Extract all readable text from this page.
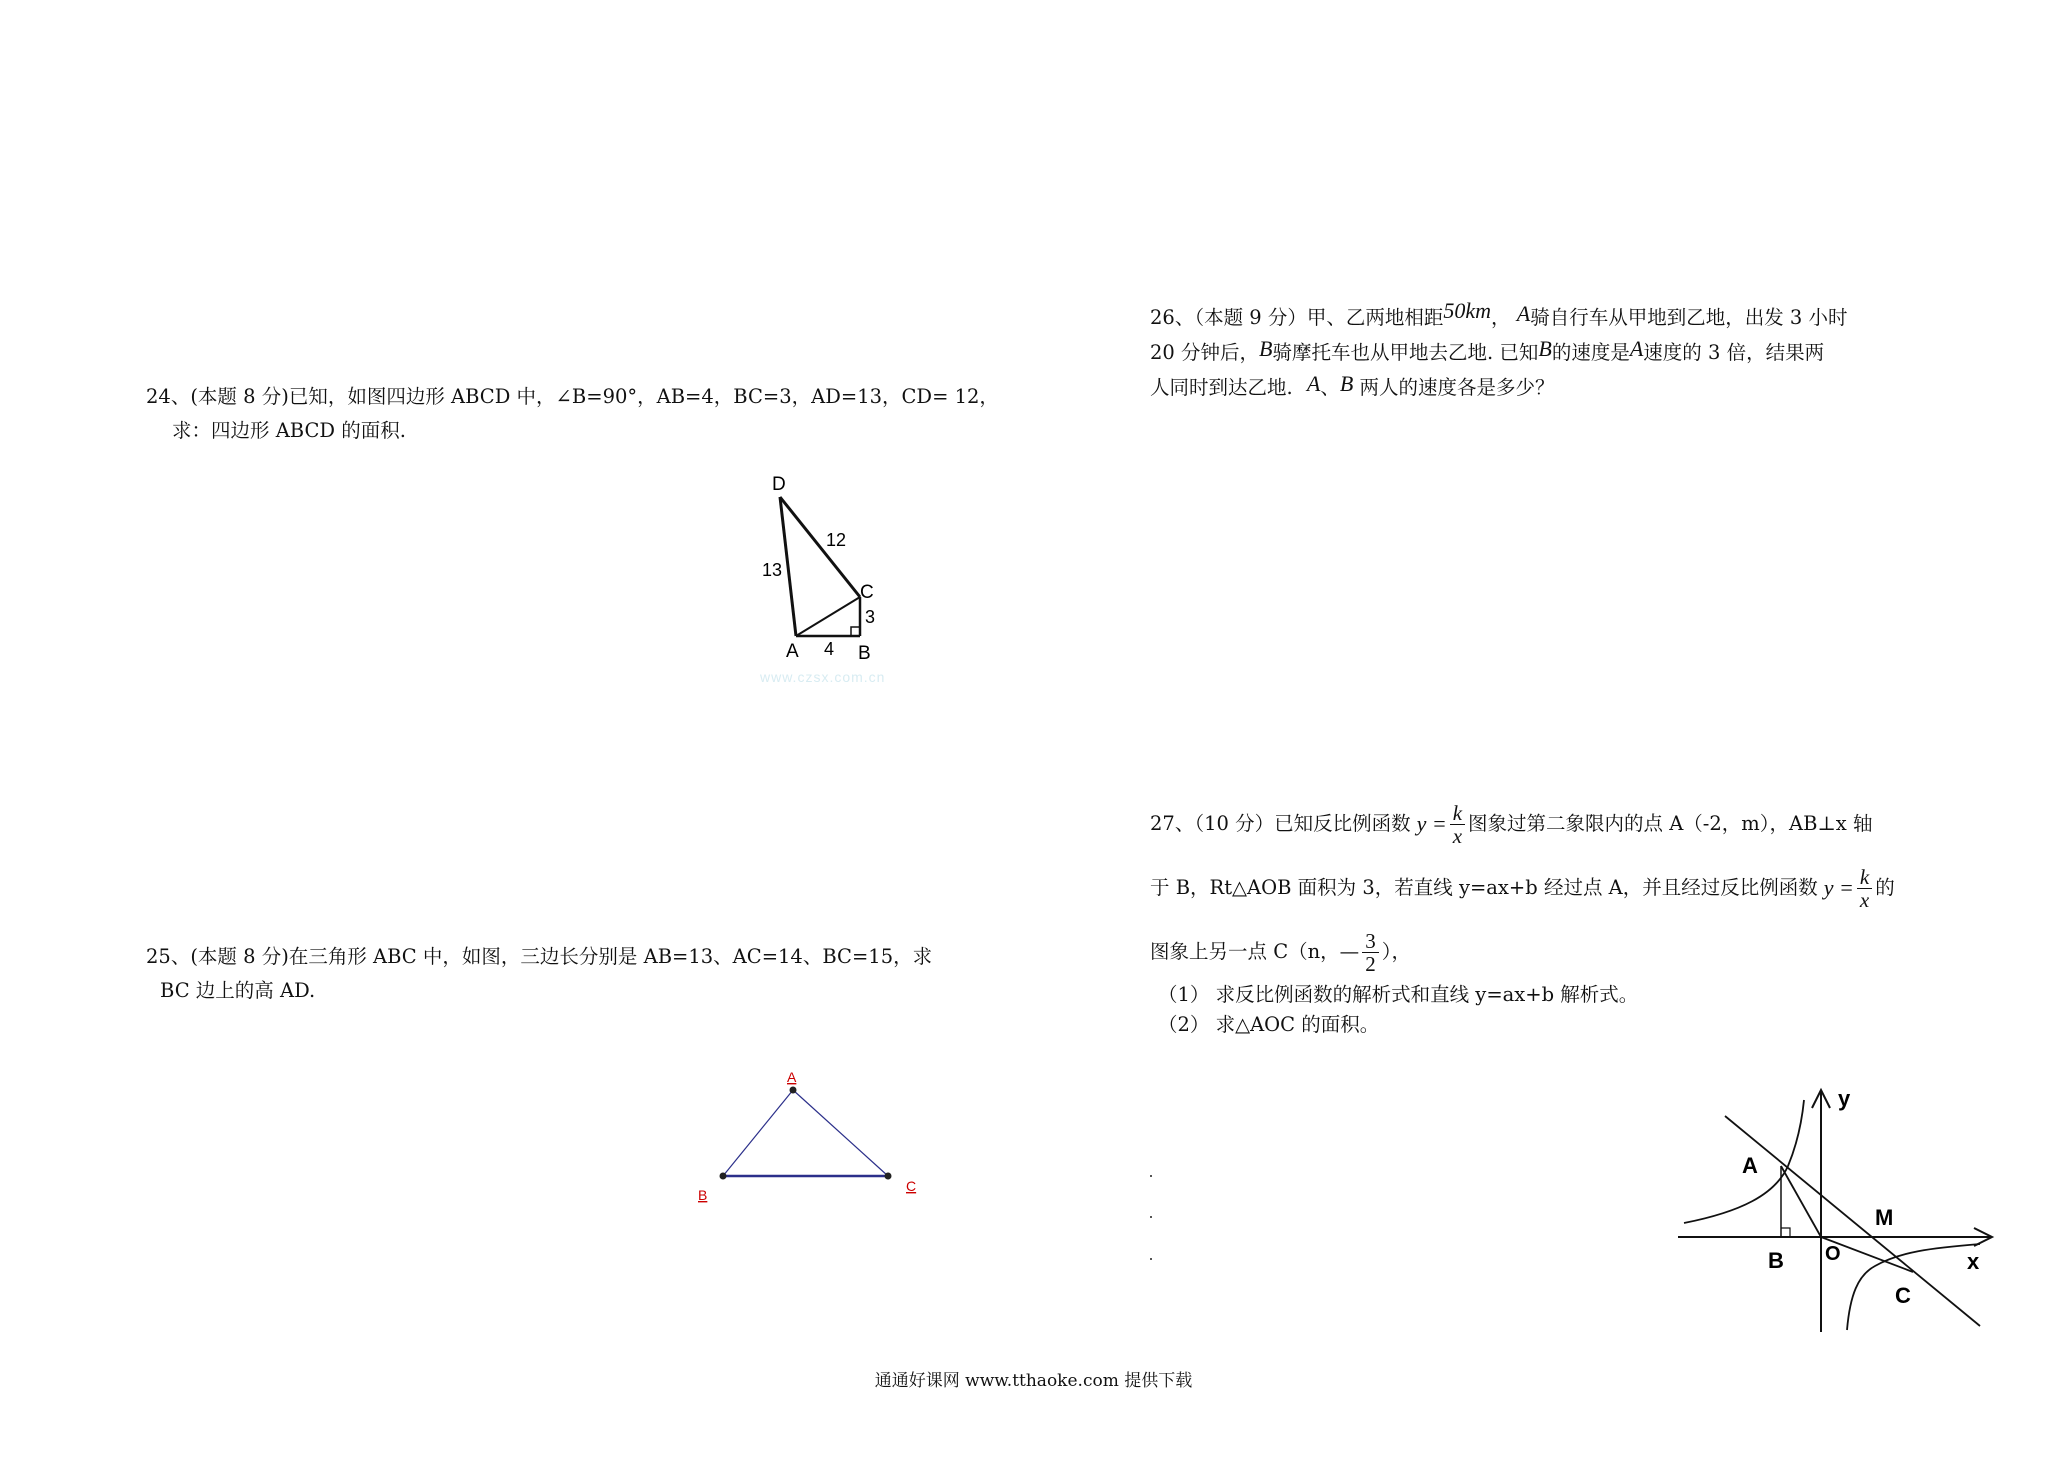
24、(本题 8 分)已知，如图四边形 ABCD 中，∠B=90°，AB=4，BC=3，AD=13，CD= 12，
求：四边形 ABCD 的面积.
D
12
13
C
3
A 4 B
www.czsx.com.cn
25、(本题 8 分)在三角形 ABC 中，如图，三边长分别是 AB=13、AC=14、BC=15，求
BC 边上的高 AD.
A
B
C
26、（本题 9 分）甲、乙两地相距50km， A骑自行车从甲地到乙地，出发 3 小时
20 分钟后，B骑摩托车也从甲地去乙地. 已知B的速度是A速度的 3 倍，结果两
人同时到达乙地. A、B 两人的速度各是多少？
27、（10 分）已知反比例函数 $y = \frac{k}{x}$ 图象过第二象限内的点 A（-2，m），AB⊥x 轴
于 B，Rt△AOB 面积为 3，若直线 y=ax+b 经过点 A，并且经过反比例函数 $y = \frac{k}{x}$ 的
图象上另一点 C（n，— $\frac{3}{2}$ ），
（1） 求反比例函数的解析式和直线 y=ax+b 解析式。
（2） 求△AOC 的面积。
y
x
A
B O
M
C
通通好课网 www.tthaoke.com 提供下载
